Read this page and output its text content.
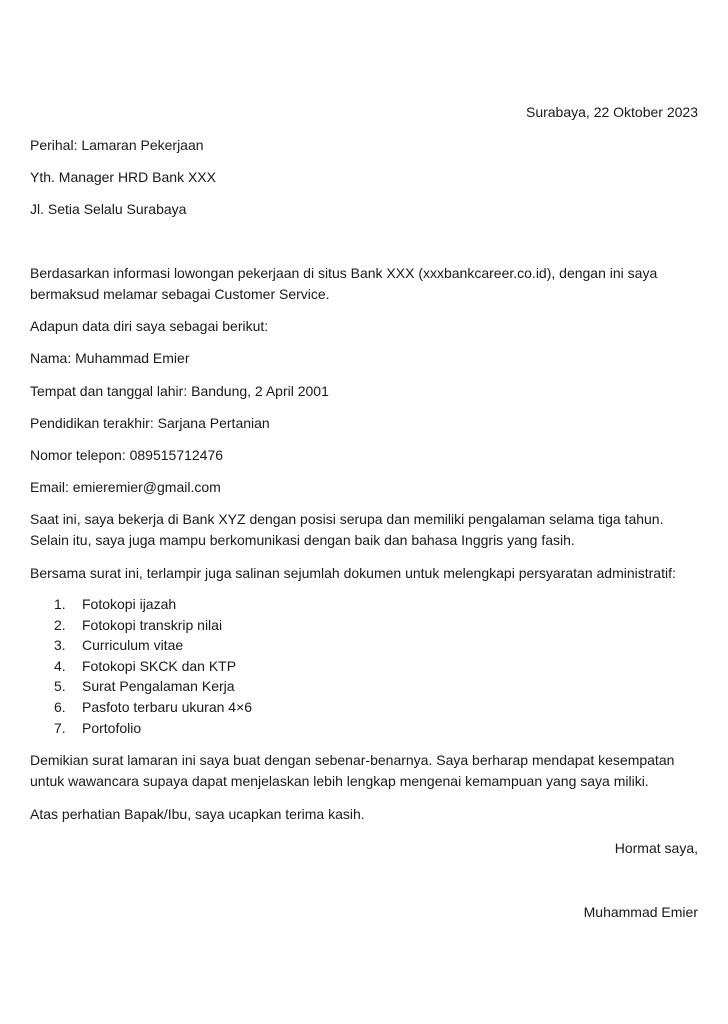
Surabaya, 22 Oktober 2023

Perihal: Lamaran Pekerjaan

Yth. Manager HRD Bank XXX

Jl. Setia Selalu Surabaya

Berdasarkan informasi lowongan pekerjaan di situs Bank XXX (xxxbankcareer.co.id), dengan ini saya
bermaksud melamar sebagai Customer Service.

Adapun data diri saya sebagai berikut:

Nama: Muhammad Emier

Tempat dan tanggal lahir: Bandung, 2 April 2001

Pendidikan terakhir: Sarjana Pertanian

Nomor telepon: 089515712476

Email: emieremier@gmail.com

Saat ini, saya bekerja di Bank XYZ dengan posisi serupa dan memiliki pengalaman selama tiga tahun.
Selain itu, saya juga mampu berkomunikasi dengan baik dan bahasa Inggris yang fasih.

Bersama surat ini, terlampir juga salinan sejumlah dokumen untuk melengkapi persyaratan administratif:

1. Fotokopi ijazah
2. Fotokopi transkrip nilai
3. Curriculum vitae
4. Fotokopi SKCK dan KTP
5. Surat Pengalaman Kerja
6. Pasfoto terbaru ukuran 4×6
7. Portofolio
Demikian surat lamaran ini saya buat dengan sebenar-benarnya. Saya berharap mendapat kesempatan
untuk wawancara supaya dapat menjelaskan lebih lengkap mengenai kemampuan yang saya miliki.

Atas perhatian Bapak/Ibu, saya ucapkan terima kasih.

Hormat saya,

Muhammad Emier
